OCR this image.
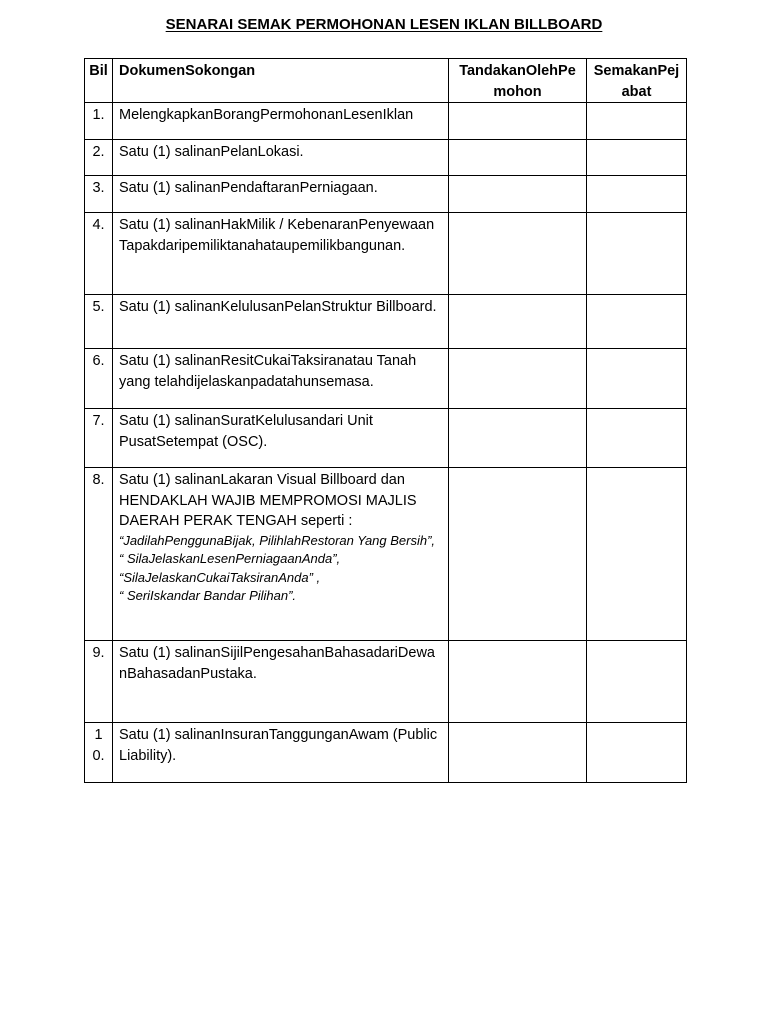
SENARAI SEMAK PERMOHONAN LESEN IKLAN BILLBOARD
Bil	DokumenSokongan	TandakanOlehPemohon	SemakanPejabat
1.	MelengkapkanBorangPermohonanLesenIklan		
2.	Satu (1) salinanPelanLokasi.		
3.	Satu (1) salinanPendaftaranPerniagaan.		
4.	Satu (1) salinanHakMilik / KebenaranPenyewaanTapakdaripemiliktanahataupemilikbangunan.		
5.	Satu (1) salinanKelulusanPelanStruktur Billboard.		
6.	Satu (1) salinanResitCukaiTaksiranatau Tanah yang telahdijelaskanpadatahunsemasa.		
7.	Satu (1) salinanSuratKelulusandari Unit PusatSetempat (OSC).		
8.	Satu (1) salinanLakaran Visual Billboard dan HENDAKLAH WAJIB MEMPROMOSI MAJLIS DAERAH PERAK TENGAH seperti :
“JadilahPenggunaBijak, PilihlahRestoran Yang Bersih”,
“ SilaJelaskanLesenPerniagaanAnda”,
“SilaJelaskanCukaiTaksiranAnda” ,
“ SeriIskandar Bandar Pilihan”.		

9.	Satu (1) salinanSijilPengesahanBahasadariDewanBahasadanPustaka.		
10.	Satu (1) salinanInsuranTanggunganAwam (Public Liability).		
